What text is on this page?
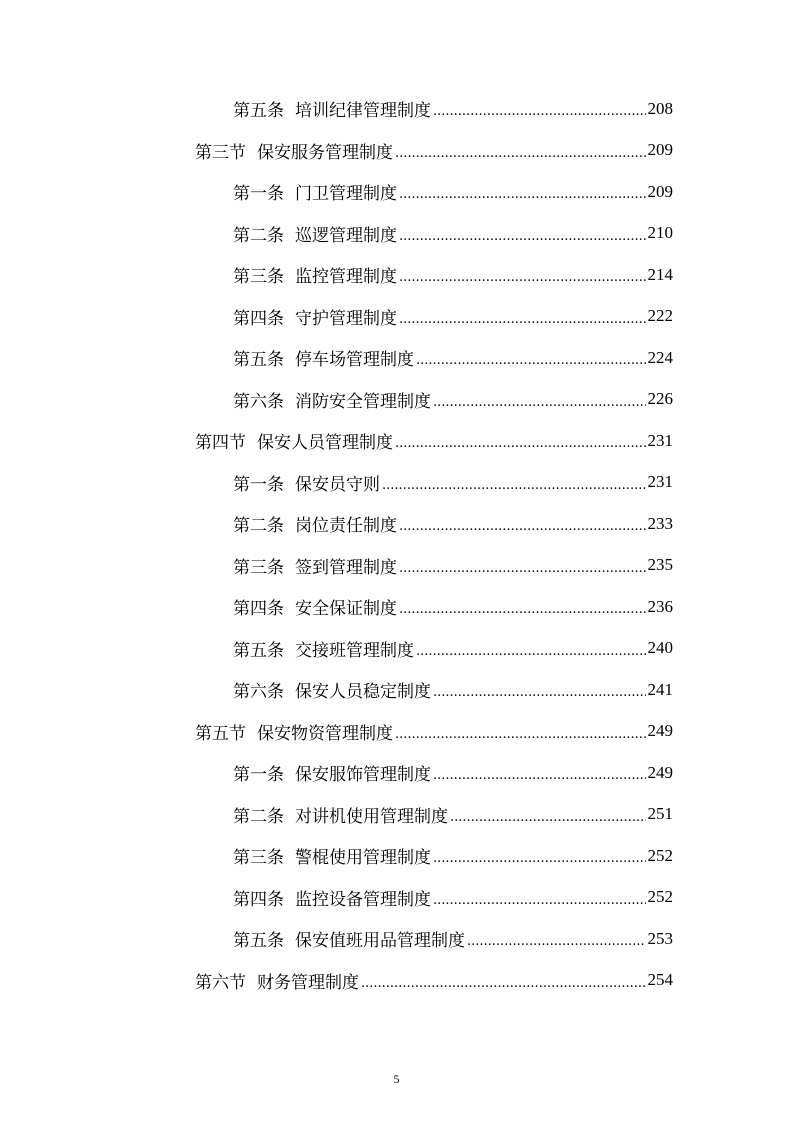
第五条 培训纪律管理制度 .....	208
第三节 保安服务管理制度 .....	209
第一条 门卫管理制度 .....	209
第二条 巡逻管理制度 .....	210
第三条 监控管理制度 .....	214
第四条 守护管理制度 .....	222
第五条 停车场管理制度 .....	224
第六条 消防安全管理制度 .....	226
第四节 保安人员管理制度 .....	231
第一条 保安员守则 .....	231
第二条 岗位责任制度 .....	233
第三条 签到管理制度 .....	235
第四条 安全保证制度 .....	236
第五条 交接班管理制度 .....	240
第六条 保安人员稳定制度 .....	241
第五节 保安物资管理制度 .....	249
第一条 保安服饰管理制度 .....	249
第二条 对讲机使用管理制度 .....	251
第三条 警棍使用管理制度 .....	252
第四条 监控设备管理制度 .....	252
第五条 保安值班用品管理制度 .....	253
第六节 财务管理制度 .....	254
5
